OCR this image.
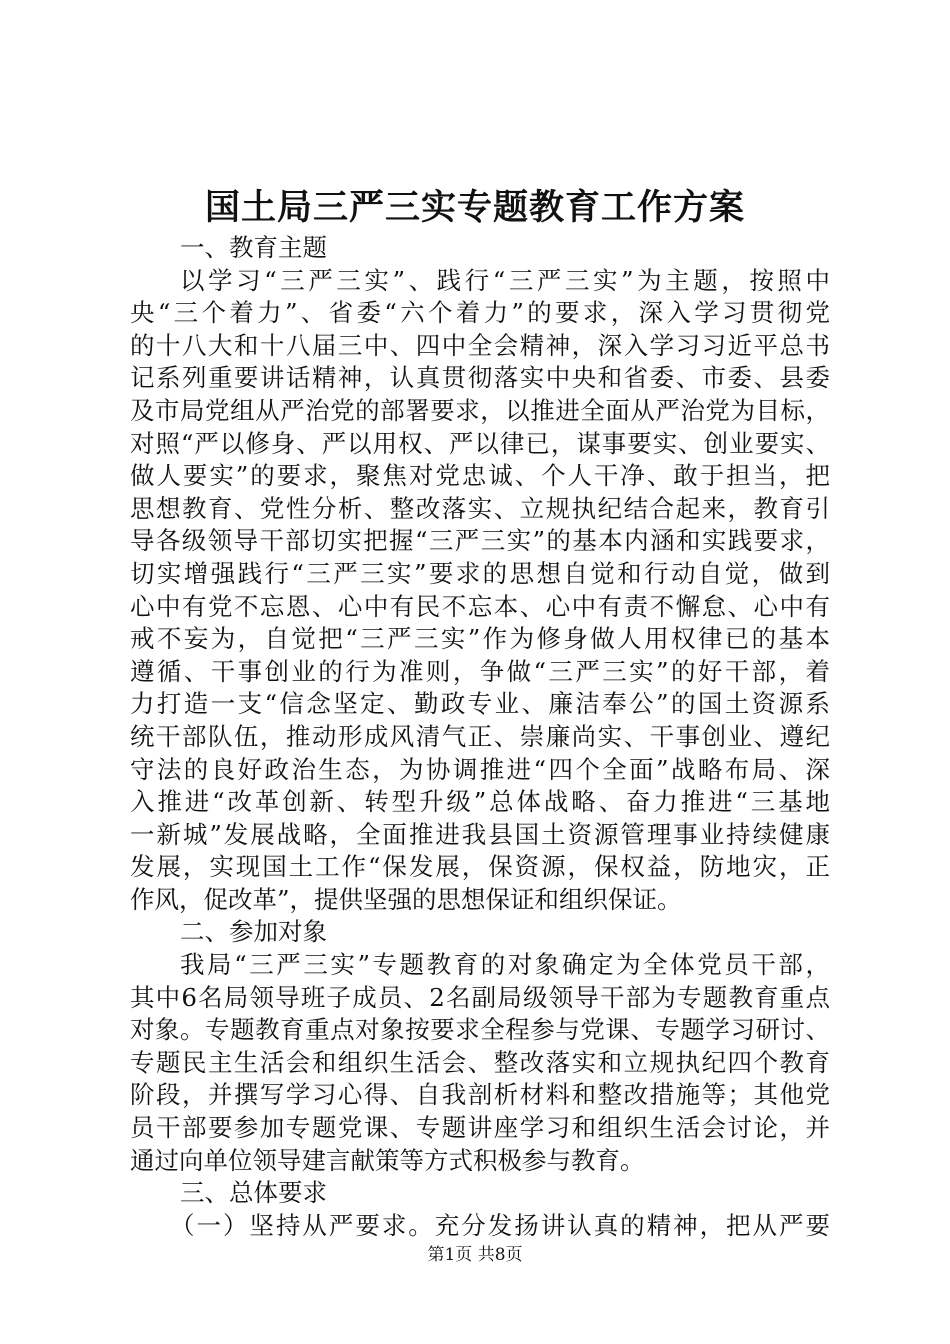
国土局三严三实专题教育工作方案
一、教育主题
以学习“三严三实”、践行“三严三实”为主题，按照中
央“三个着力”、省委“六个着力”的要求，深入学习贯彻党
的十八大和十八届三中、四中全会精神，深入学习习近平总书
记系列重要讲话精神，认真贯彻落实中央和省委、市委、县委
及市局党组从严治党的部署要求，以推进全面从严治党为目标，
对照“严以修身、严以用权、严以律已，谋事要实、创业要实、
做人要实”的要求，聚焦对党忠诚、个人干净、敢于担当，把
思想教育、党性分析、整改落实、立规执纪结合起来，教育引
导各级领导干部切实把握“三严三实”的基本内涵和实践要求，
切实增强践行“三严三实”要求的思想自觉和行动自觉，做到
心中有党不忘恩、心中有民不忘本、心中有责不懈怠、心中有
戒不妄为，自觉把“三严三实”作为修身做人用权律已的基本
遵循、干事创业的行为准则，争做“三严三实”的好干部，着
力打造一支“信念坚定、勤政专业、廉洁奉公”的国土资源系
统干部队伍，推动形成风清气正、崇廉尚实、干事创业、遵纪
守法的良好政治生态，为协调推进“四个全面”战略布局、深
入推进“改革创新、转型升级”总体战略、奋力推进“三基地
一新城”发展战略，全面推进我县国土资源管理事业持续健康
发展，实现国土工作“保发展，保资源，保权益，防地灾，正
作风，促改革”，提供坚强的思想保证和组织保证。
二、参加对象
我局“三严三实”专题教育的对象确定为全体党员干部，
其中6名局领导班子成员、2名副局级领导干部为专题教育重点
对象。专题教育重点对象按要求全程参与党课、专题学习研讨、
专题民主生活会和组织生活会、整改落实和立规执纪四个教育
阶段，并撰写学习心得、自我剖析材料和整改措施等；其他党
员干部要参加专题党课、专题讲座学习和组织生活会讨论，并
通过向单位领导建言献策等方式积极参与教育。
三、总体要求
（一）坚持从严要求。充分发扬讲认真的精神，把从严要
第1页 共8页
